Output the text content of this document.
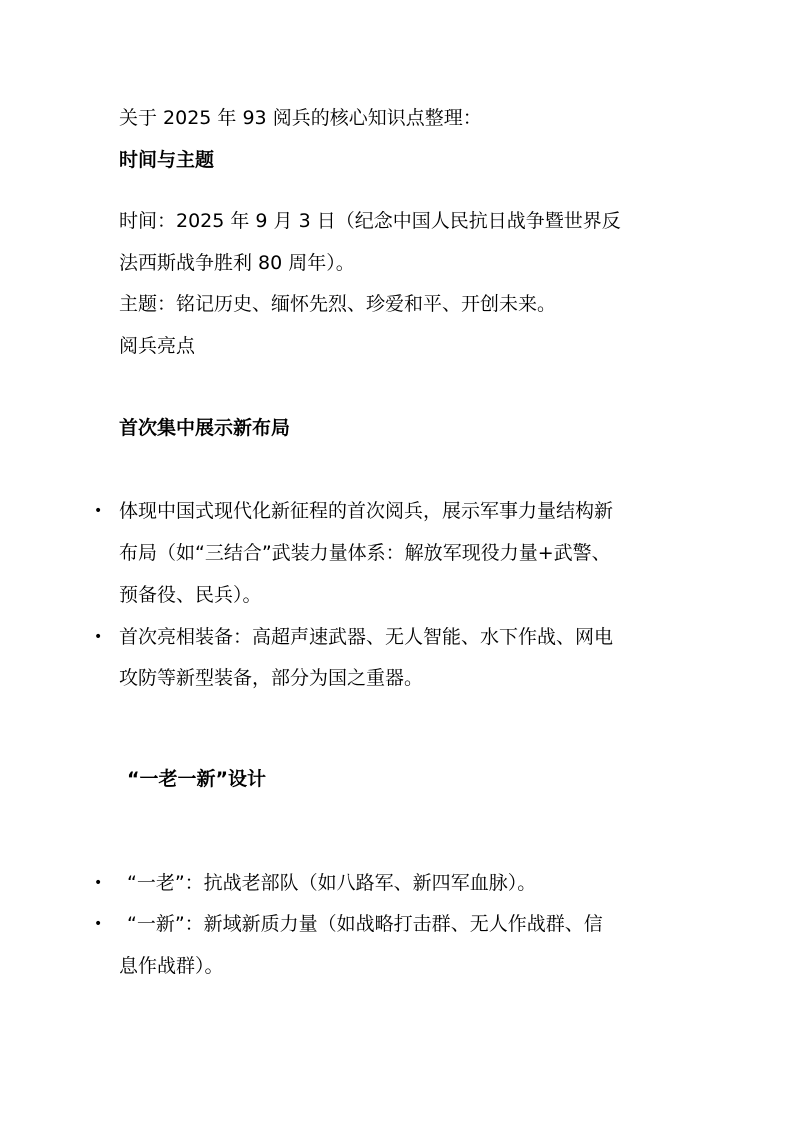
关于 2025 年 93 阅兵的核心知识点整理：
时间与主题
时间：2025 年 9 月 3 日（纪念中国人民抗日战争暨世界反
法西斯战争胜利 80 周年）。
主题：铭记历史、缅怀先烈、珍爱和平、开创未来。
阅兵亮点
首次集中展示新布局
• 体现中国式现代化新征程的首次阅兵，展示军事力量结构新
布局（如“三结合”武装力量体系：解放军现役力量+武警、
预备役、民兵）。
• 首次亮相装备：高超声速武器、无人智能、水下作战、网电
攻防等新型装备，部分为国之重器。
“一老一新”设计
• “一老”：抗战老部队（如八路军、新四军血脉）。
• “一新”：新域新质力量（如战略打击群、无人作战群、信
息作战群）。
